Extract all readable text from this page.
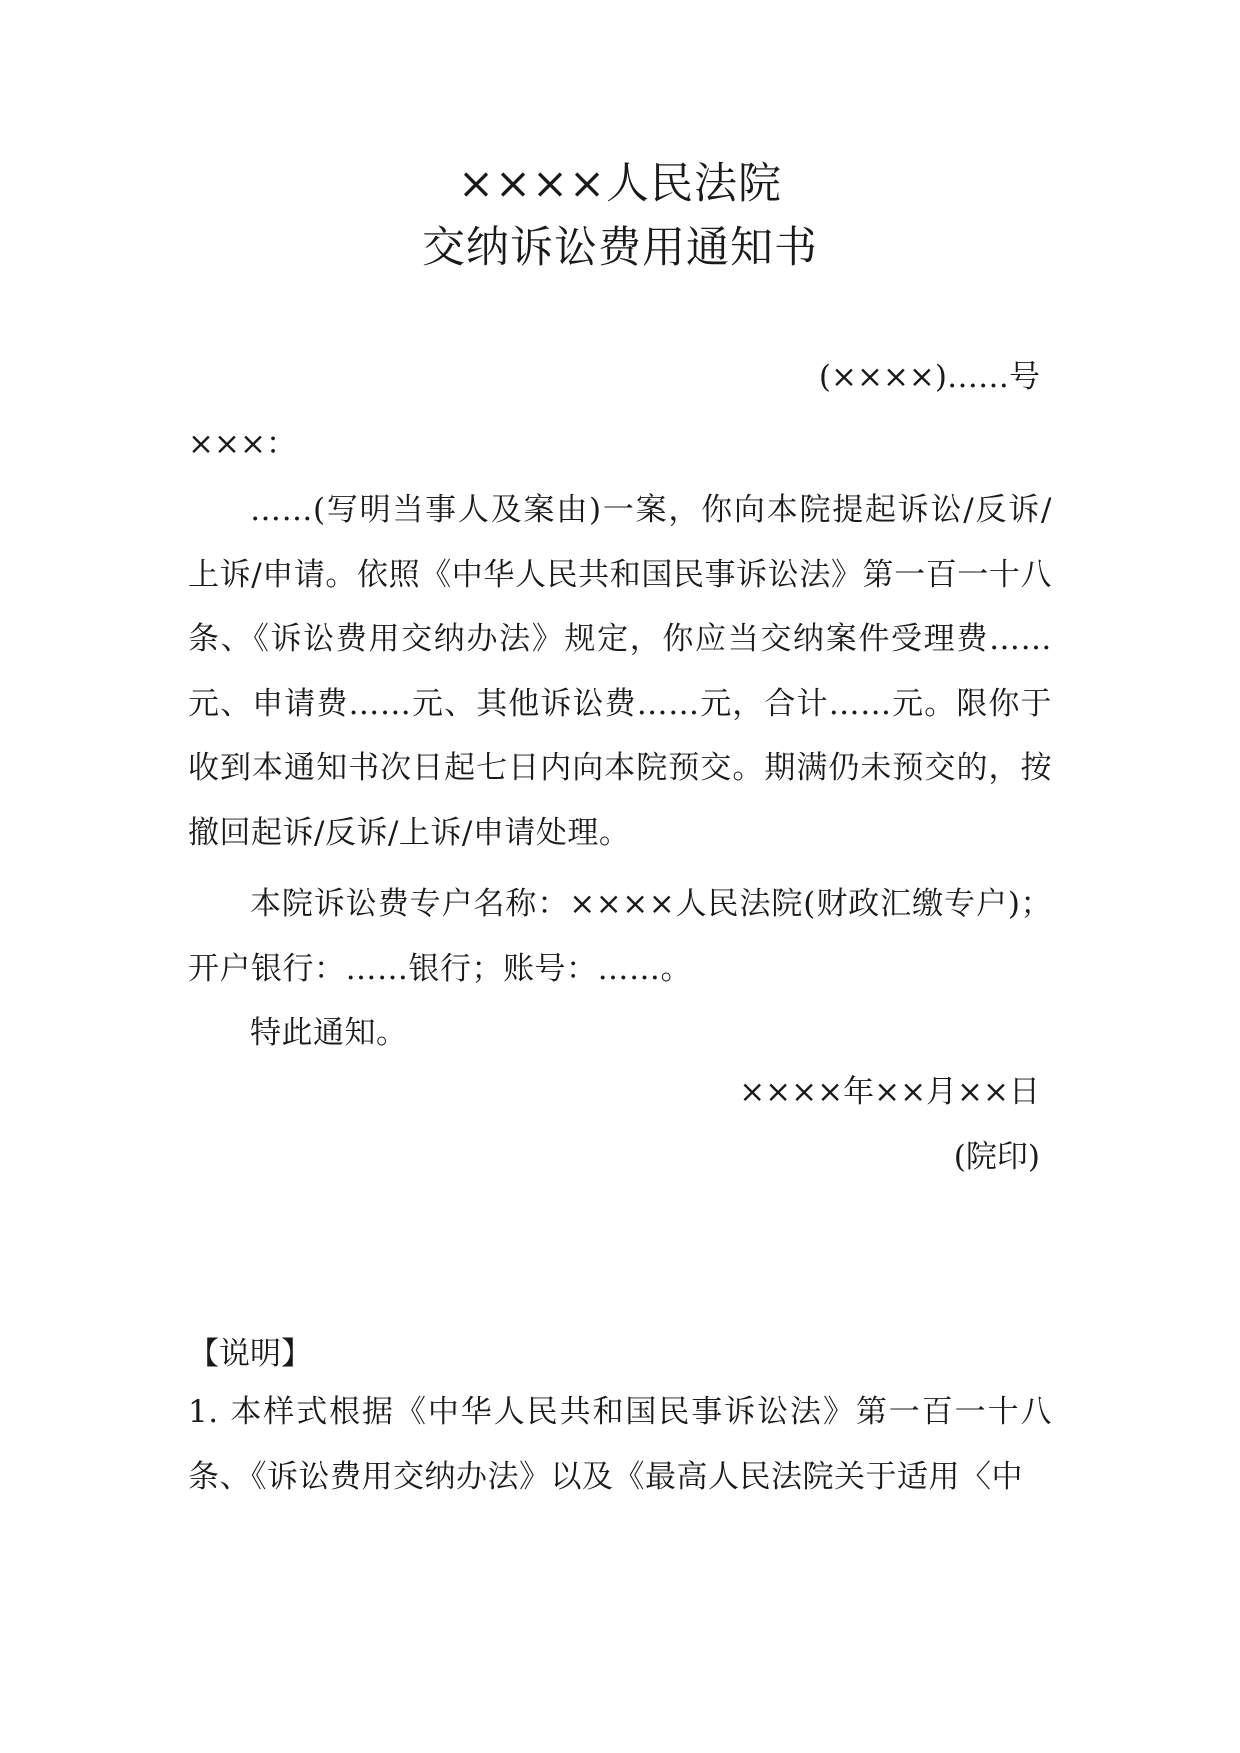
××××人民法院
交纳诉讼费用通知书
(××××)……号
×××：

……(写明当事人及案由)一案，你向本院提起诉讼/反诉/上诉/申请。依照《中华人民共和国民事诉讼法》第一百一十八条、《诉讼费用交纳办法》规定，你应当交纳案件受理费……元、申请费……元、其他诉讼费……元，合计……元。限你于收到本通知书次日起七日内向本院预交。期满仍未预交的，按撤回起诉/反诉/上诉/申请处理。

本院诉讼费专户名称：××××人民法院(财政汇缴专户)；开户银行：……银行；账号：……。

特此通知。

××××年××月××日
(院印)
【说明】

1. 本样式根据《中华人民共和国民事诉讼法》第一百一十八条、《诉讼费用交纳办法》以及《最高人民法院关于适用〈中
